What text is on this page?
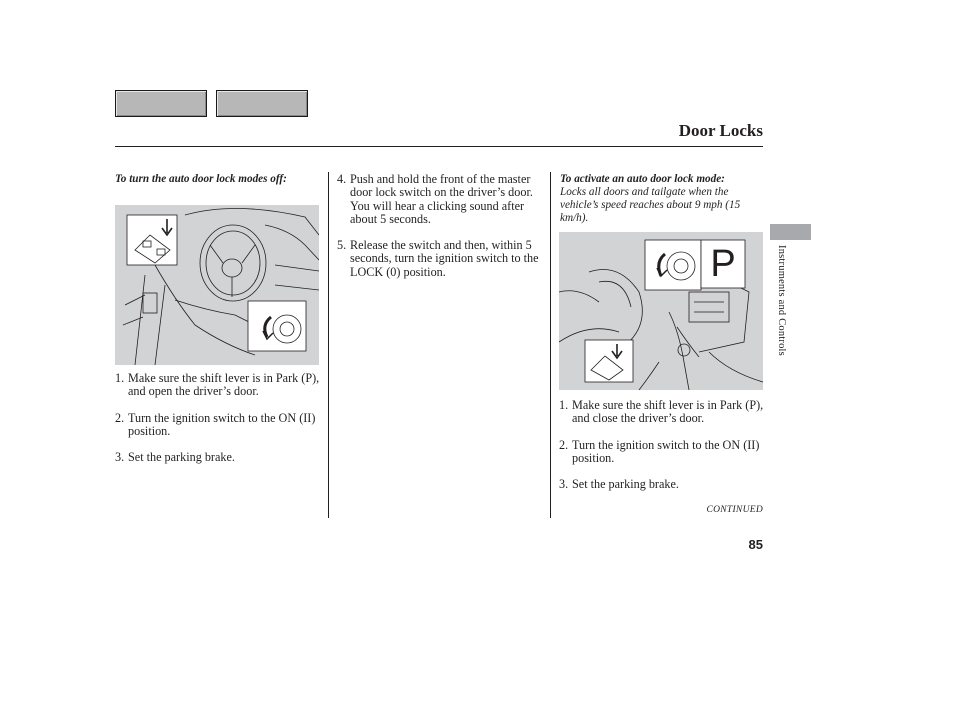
Door Locks
To turn the auto door lock modes off:
1. Make sure the shift lever is in Park (P), and open the driver’s door.
2. Turn the ignition switch to the ON (II) position.
3. Set the parking brake.
4. Push and hold the front of the master door lock switch on the driver’s door. You will hear a clicking sound after about 5 seconds.
5. Release the switch and then, within 5 seconds, turn the ignition switch to the LOCK (0) position.
To activate an auto door lock mode:
Locks all doors and tailgate when the vehicle’s speed reaches about 9 mph (15 km/h).
P
1. Make sure the shift lever is in Park (P), and close the driver’s door.
2. Turn the ignition switch to the ON (II) position.
3. Set the parking brake.
Instruments and Controls
CONTINUED
85
